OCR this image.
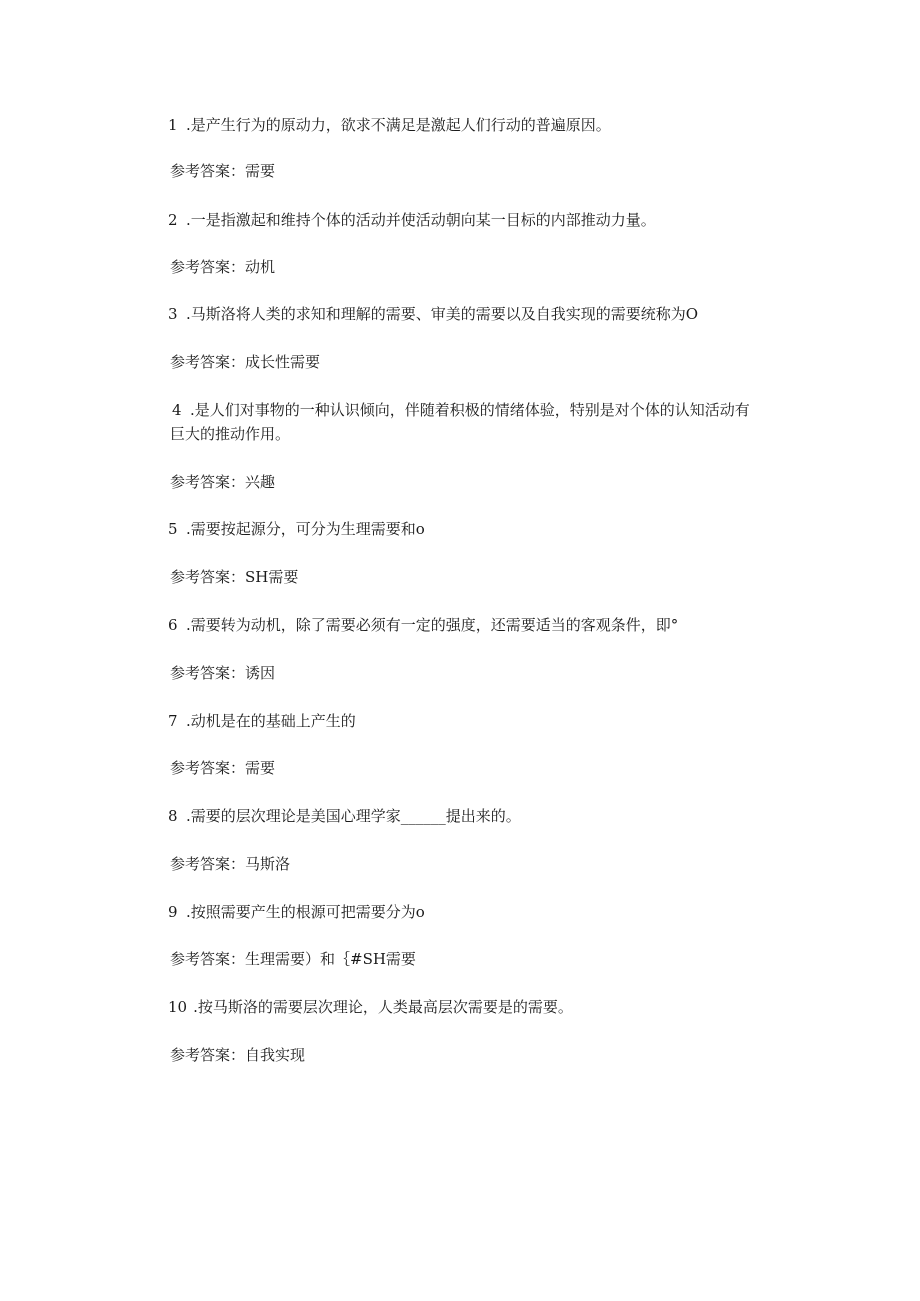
1 .是产生行为的原动力，欲求不满足是激起人们行动的普遍原因。
参考答案：需要
2 .一是指激起和维持个体的活动并使活动朝向某一目标的内部推动力量。
参考答案：动机
3 .马斯洛将人类的求知和理解的需要、审美的需要以及自我实现的需要统称为O
参考答案：成长性需要
4 .是人们对事物的一种认识倾向，伴随着积极的情绪体验，特别是对个体的认知活动有
巨大的推动作用。
参考答案：兴趣
5 .需要按起源分，可分为生理需要和o
参考答案：SH需要
6 .需要转为动机，除了需要必须有一定的强度，还需要适当的客观条件，即°
参考答案：诱因
7 .动机是在的基础上产生的
参考答案：需要
8 .需要的层次理论是美国心理学家______提出来的。
参考答案：马斯洛
9 .按照需要产生的根源可把需要分为o
参考答案：生理需要）和｛#SH需要
10 .按马斯洛的需要层次理论，人类最高层次需要是的需要。
参考答案：自我实现
